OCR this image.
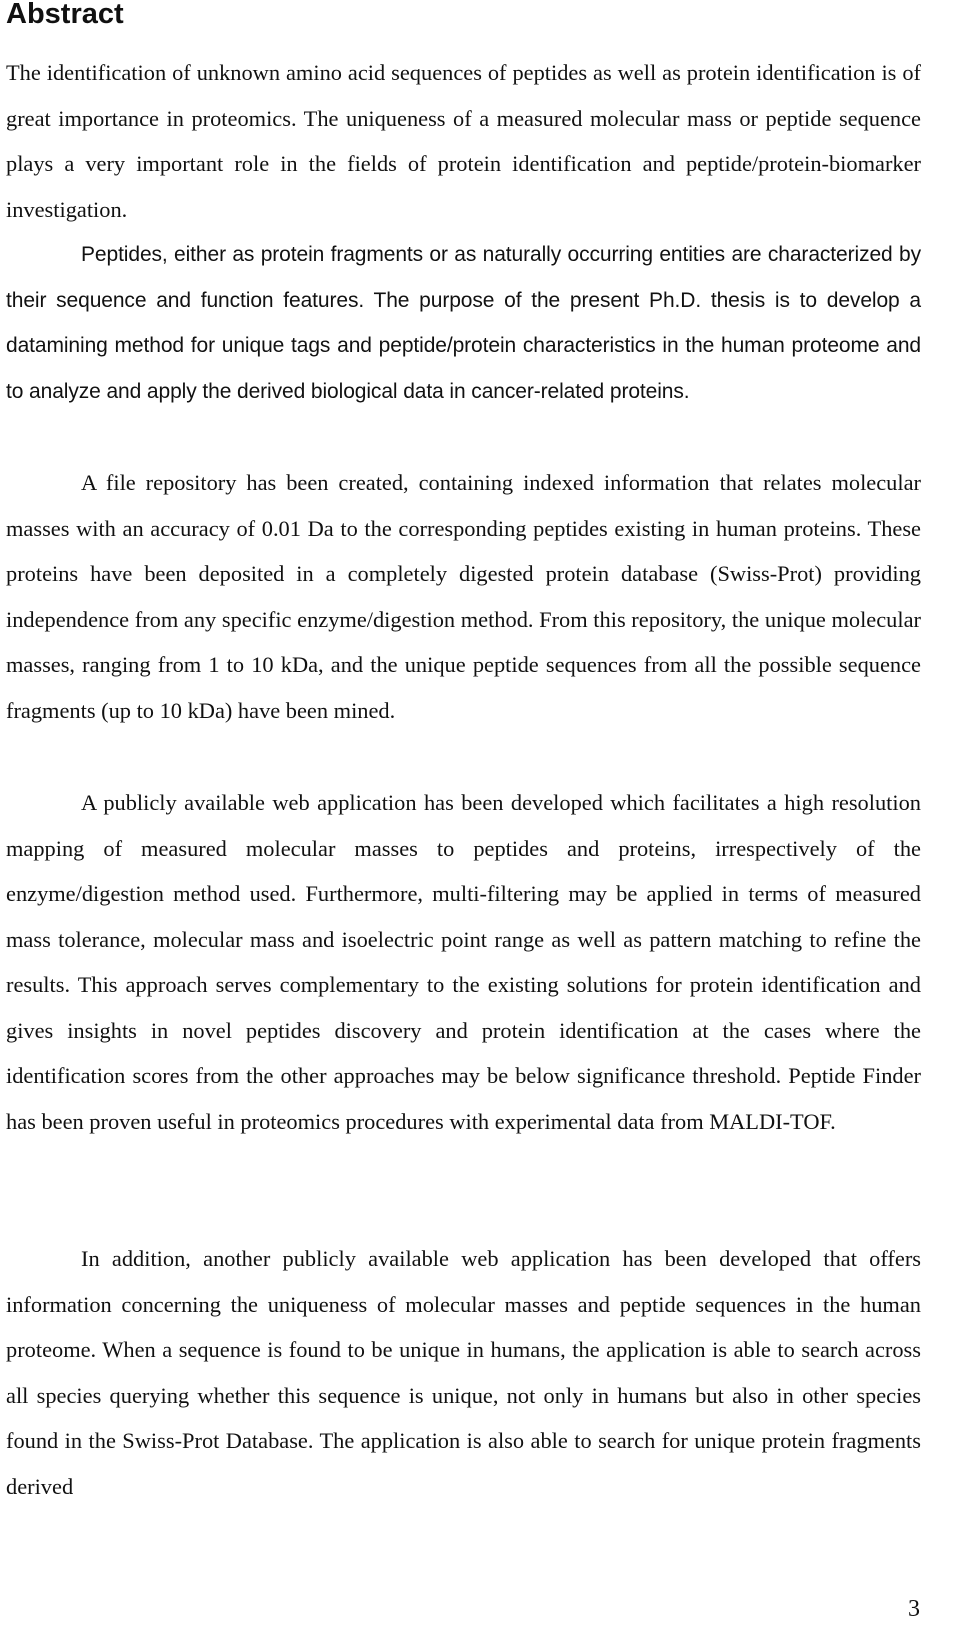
Abstract

The identification of unknown amino acid sequences of peptides as well as protein identification is of great importance in proteomics. The uniqueness of a measured molecular mass or peptide sequence plays a very important role in the fields of protein identification and peptide/protein-biomarker investigation.

Peptides, either as protein fragments or as naturally occurring entities are characterized by their sequence and function features. The purpose of the present Ph.D. thesis is to develop a datamining method for unique tags and peptide/protein characteristics in the human proteome and to analyze and apply the derived biological data in cancer-related proteins.

A file repository has been created, containing indexed information that relates molecular masses with an accuracy of 0.01 Da to the corresponding peptides existing in human proteins. These proteins have been deposited in a completely digested protein database (Swiss-Prot) providing independence from any specific enzyme/digestion method. From this repository, the unique molecular masses, ranging from 1 to 10 kDa, and the unique peptide sequences from all the possible sequence fragments (up to 10 kDa) have been mined.

A publicly available web application has been developed which facilitates a high resolution mapping of measured molecular masses to peptides and proteins, irrespectively of the enzyme/digestion method used. Furthermore, multi-filtering may be applied in terms of measured mass tolerance, molecular mass and isoelectric point range as well as pattern matching to refine the results. This approach serves complementary to the existing solutions for protein identification and gives insights in novel peptides discovery and protein identification at the cases where the identification scores from the other approaches may be below significance threshold. Peptide Finder has been proven useful in proteomics procedures with experimental data from MALDI-TOF.

In addition, another publicly available web application has been developed that offers information concerning the uniqueness of molecular masses and peptide sequences in the human proteome. When a sequence is found to be unique in humans, the application is able to search across all species querying whether this sequence is unique, not only in humans but also in other species found in the Swiss-Prot Database. The application is also able to search for unique protein fragments derived

3
